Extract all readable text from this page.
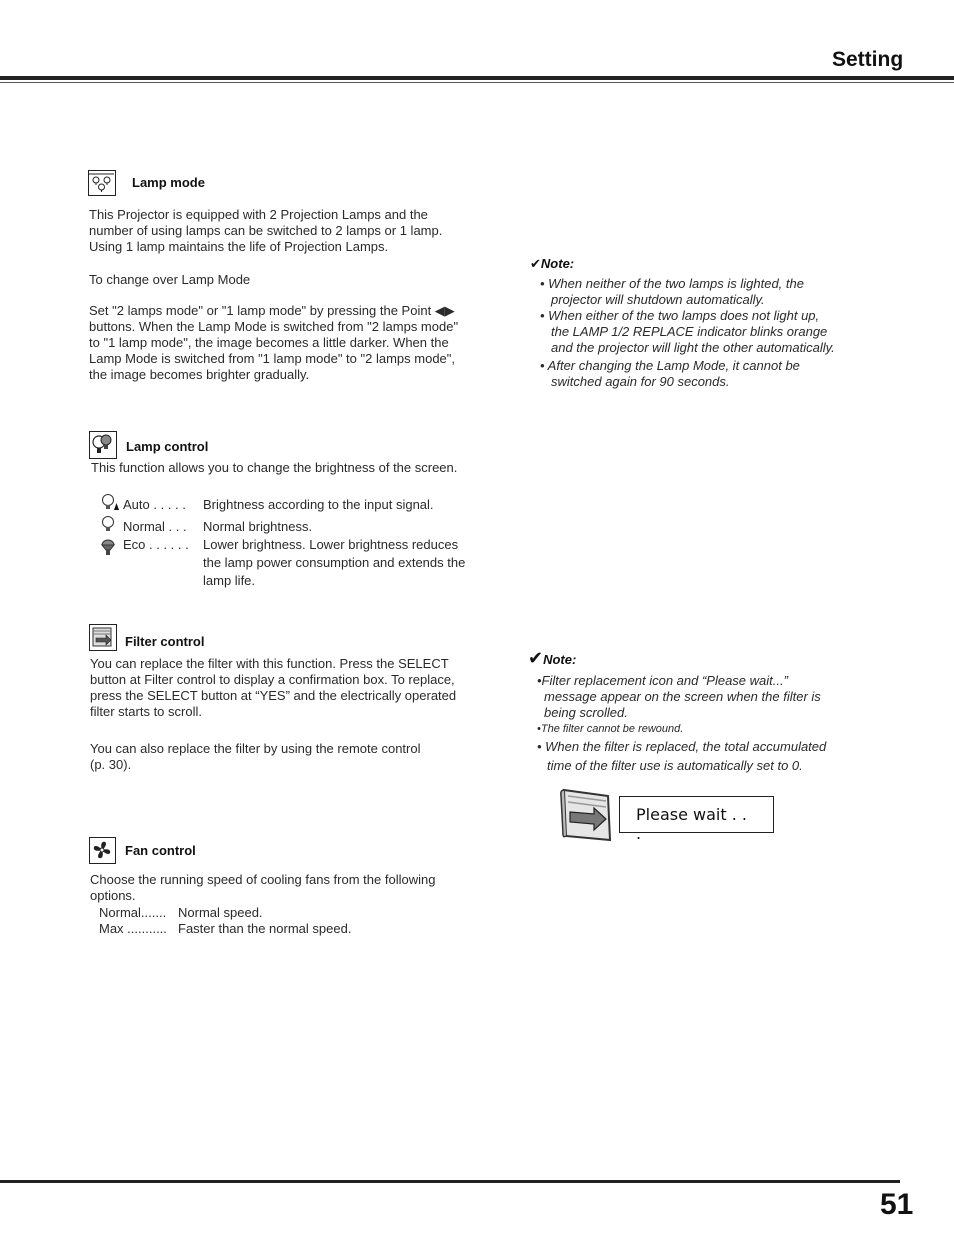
Setting
Lamp mode
This Projector is equipped with 2 Projection Lamps and the
number of using lamps can be switched to 2 lamps or 1 lamp.
Using 1 lamp maintains the life of Projection Lamps.
To change over Lamp Mode
Set "2 lamps mode" or "1 lamp mode" by pressing the Point ◀▶
buttons. When the Lamp Mode is switched from "2 lamps mode"
to "1 lamp mode", the image becomes a little darker. When the
Lamp Mode is switched from "1 lamp mode" to "2 lamps mode",
the image becomes brighter gradually.
✔Note:
• When neither of the two lamps is lighted, the
projector will shutdown automatically.
• When either of the two lamps does not light up,
the LAMP 1/2 REPLACE indicator blinks orange
and the projector will light the other automatically.
• After changing the Lamp Mode, it cannot be
switched again for 90 seconds.
Lamp control
This function allows you to change the brightness of the screen.
Auto . . . . . Brightness according to the input signal.
Normal . . . Normal brightness.
Eco . . . . . . Lower brightness. Lower brightness reduces
the lamp power consumption and extends the
lamp life.
Filter control
You can replace the filter with this function. Press the SELECT
button at Filter control to display a confirmation box. To replace,
press the SELECT button at “YES” and the electrically operated
filter starts to scroll.
You can also replace the filter by using the remote control
(p. 30).
✔Note:
•Filter replacement icon and “Please wait...”
message appear on the screen when the filter is
being scrolled.
•The filter cannot be rewound.
• When the filter is replaced, the total accumulated
time of the filter use is automatically set to 0.
Please wait . . .
Fan control
Choose the running speed of cooling fans from the following
options.
Normal....... Normal speed.
Max ........... Faster than the normal speed.
51
